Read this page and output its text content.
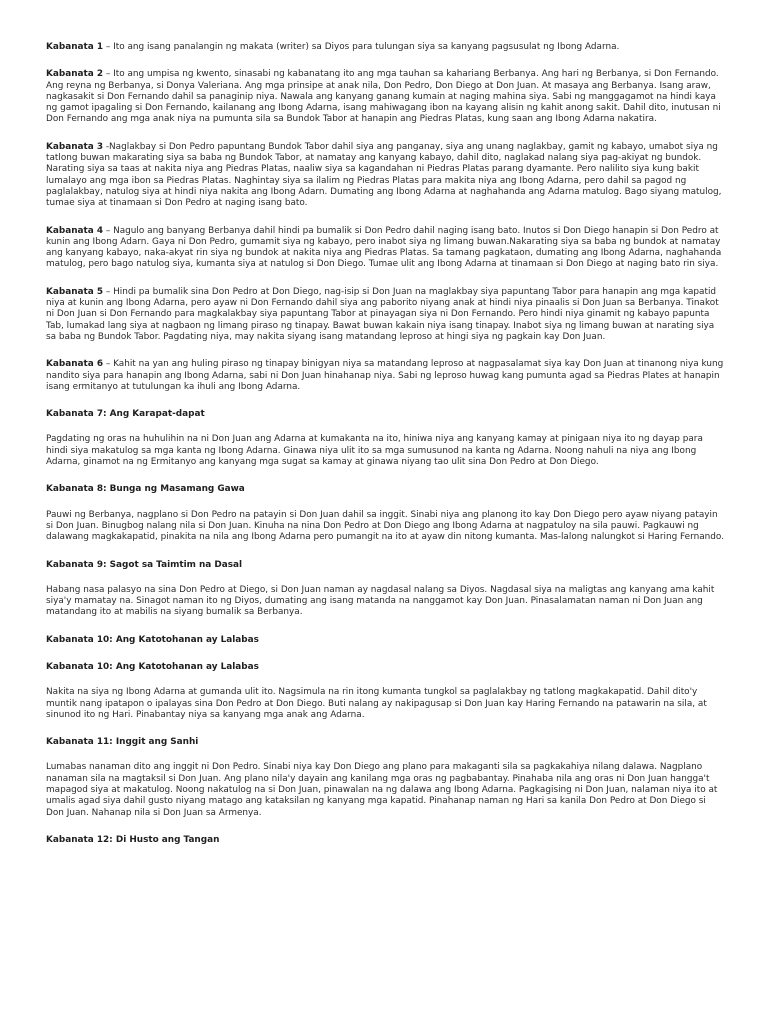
Kabanata 1 – Ito ang isang panalangin ng makata (writer) sa Diyos para tulungan siya sa kanyang pagsusulat ng Ibong Adarna.

Kabanata 2 – Ito ang umpisa ng kwento, sinasabi ng kabanatang ito ang mga tauhan sa kahariang Berbanya. Ang hari ng Berbanya, si Don Fernando. Ang reyna ng Berbanya, si Donya Valeriana. Ang mga prinsipe at anak nila, Don Pedro, Don Diego at Don Juan. At masaya ang Berbanya. Isang araw, nagkasakit si Don Fernando dahil sa panaginip niya. Nawala ang kanyang ganang kumain at naging mahina siya. Sabi ng manggagamot na hindi kaya ng gamot ipagaling si Don Fernando, kailanang ang Ibong Adarna, isang mahiwagang ibon na kayang alisin ng kahit anong sakit. Dahil dito, inutusan ni Don Fernando ang mga anak niya na pumunta sila sa Bundok Tabor at hanapin ang Piedras Platas, kung saan ang Ibong Adarna nakatira.

Kabanata 3 -Naglakbay si Don Pedro papuntang Bundok Tabor dahil siya ang panganay, siya ang unang naglakbay, gamit ng kabayo, umabot siya ng tatlong buwan makarating siya sa baba ng Bundok Tabor, at namatay ang kanyang kabayo, dahil dito, naglakad nalang siya pag-akiyat ng bundok. Narating siya sa taas at nakita niya ang Piedras Platas, naaliw siya sa kagandahan ni Piedras Platas parang dyamante. Pero nalilito siya kung bakit lumalayo ang mga ibon sa Piedras Platas. Naghintay siya sa ilalim ng Piedras Platas para makita niya ang Ibong Adarna, pero dahil sa pagod ng paglalakbay, natulog siya at hindi niya nakita ang Ibong Adarn. Dumating ang Ibong Adarna at naghahanda ang Adarna matulog. Bago siyang matulog, tumae siya at tinamaan si Don Pedro at naging isang bato.

Kabanata 4 – Nagulo ang banyang Berbanya dahil hindi pa bumalik si Don Pedro dahil naging isang bato. Inutos si Don Diego hanapin si Don Pedro at kunin ang Ibong Adarn. Gaya ni Don Pedro, gumamit siya ng kabayo, pero inabot siya ng limang buwan.Nakarating siya sa baba ng bundok at namatay ang kanyang kabayo, naka-akyat rin siya ng bundok at nakita niya ang Piedras Platas. Sa tamang pagkataon, dumating ang Ibong Adarna, naghahanda matulog, pero bago natulog siya, kumanta siya at natulog si Don Diego. Tumae ulit ang Ibong Adarna at tinamaan si Don Diego at naging bato rin siya.

Kabanata 5 – Hindi pa bumalik sina Don Pedro at Don Diego, nag-isip si Don Juan na maglakbay siya papuntang Tabor para hanapin ang mga kapatid niya at kunin ang Ibong Adarna, pero ayaw ni Don Fernando dahil siya ang paborito niyang anak at hindi niya pinaalis si Don Juan sa Berbanya. Tinakot ni Don Juan si Don Fernando para magkalakbay siya papuntang Tabor at pinayagan siya ni Don Fernando. Pero hindi niya ginamit ng kabayo papunta Tab, lumakad lang siya at nagbaon ng limang piraso ng tinapay. Bawat buwan kakain niya isang tinapay. Inabot siya ng limang buwan at narating siya sa baba ng Bundok Tabor. Pagdating niya, may nakita siyang isang matandang leproso at hingi siya ng pagkain kay Don Juan.

Kabanata 6 – Kahit na yan ang huling piraso ng tinapay binigyan niya sa matandang leproso at nagpasalamat siya kay Don Juan at tinanong niya kung nandito siya para hanapin ang Ibong Adarna, sabi ni Don Juan hinahanap niya. Sabi ng leproso huwag kang pumunta agad sa Piedras Plates at hanapin isang ermitanyo at tutulungan ka ihuli ang Ibong Adarna.

Kabanata 7: Ang Karapat-dapat

Pagdating ng oras na huhulihin na ni Don Juan ang Adarna at kumakanta na ito, hiniwa niya ang kanyang kamay at pinigaan niya ito ng dayap para hindi siya makatulog sa mga kanta ng Ibong Adarna. Ginawa niya ulit ito sa mga sumusunod na kanta ng Adarna. Noong nahuli na niya ang Ibong Adarna, ginamot na ng Ermitanyo ang kanyang mga sugat sa kamay at ginawa niyang tao ulit sina Don Pedro at Don Diego.

Kabanata 8: Bunga ng Masamang Gawa

Pauwi ng Berbanya, nagplano si Don Pedro na patayin si Don Juan dahil sa inggit. Sinabi niya ang planong ito kay Don Diego pero ayaw niyang patayin si Don Juan. Binugbog nalang nila si Don Juan. Kinuha na nina Don Pedro at Don Diego ang Ibong Adarna at nagpatuloy na sila pauwi. Pagkauwi ng dalawang magkakapatid, pinakita na nila ang Ibong Adarna pero pumangit na ito at ayaw din nitong kumanta. Mas-lalong nalungkot si Haring Fernando.

Kabanata 9: Sagot sa Taimtim na Dasal

Habang nasa palasyo na sina Don Pedro at Diego, si Don Juan naman ay nagdasal nalang sa Diyos. Nagdasal siya na maligtas ang kanyang ama kahit siya'y mamatay na. Sinagot naman ito ng Diyos, dumating ang isang matanda na nanggamot kay Don Juan. Pinasalamatan naman ni Don Juan ang matandang ito at mabilis na siyang bumalik sa Berbanya.

Kabanata 10: Ang Katotohanan ay Lalabas

Kabanata 10: Ang Katotohanan ay Lalabas

Nakita na siya ng Ibong Adarna at gumanda ulit ito. Nagsimula na rin itong kumanta tungkol sa paglalakbay ng tatlong magkakapatid. Dahil dito'y muntik nang ipatapon o ipalayas sina Don Pedro at Don Diego. Buti nalang ay nakipagusap si Don Juan kay Haring Fernando na patawarin na sila, at sinunod ito ng Hari. Pinabantay niya sa kanyang mga anak ang Adarna.

Kabanata 11: Inggit ang Sanhi

Lumabas nanaman dito ang inggit ni Don Pedro. Sinabi niya kay Don Diego ang plano para makaganti sila sa pagkakahiya nilang dalawa. Nagplano nanaman sila na magtaksil si Don Juan. Ang plano nila'y dayain ang kanilang mga oras ng pagbabantay. Pinahaba nila ang oras ni Don Juan hangga't mapagod siya at makatulog. Noong nakatulog na si Don Juan, pinawalan na ng dalawa ang Ibong Adarna. Pagkagising ni Don Juan, nalaman niya ito at umalis agad siya dahil gusto niyang matago ang kataksilan ng kanyang mga kapatid. Pinahanap naman ng Hari sa kanila Don Pedro at Don Diego si Don Juan. Nahanap nila si Don Juan sa Armenya.

Kabanata 12: Di Husto ang Tangan
